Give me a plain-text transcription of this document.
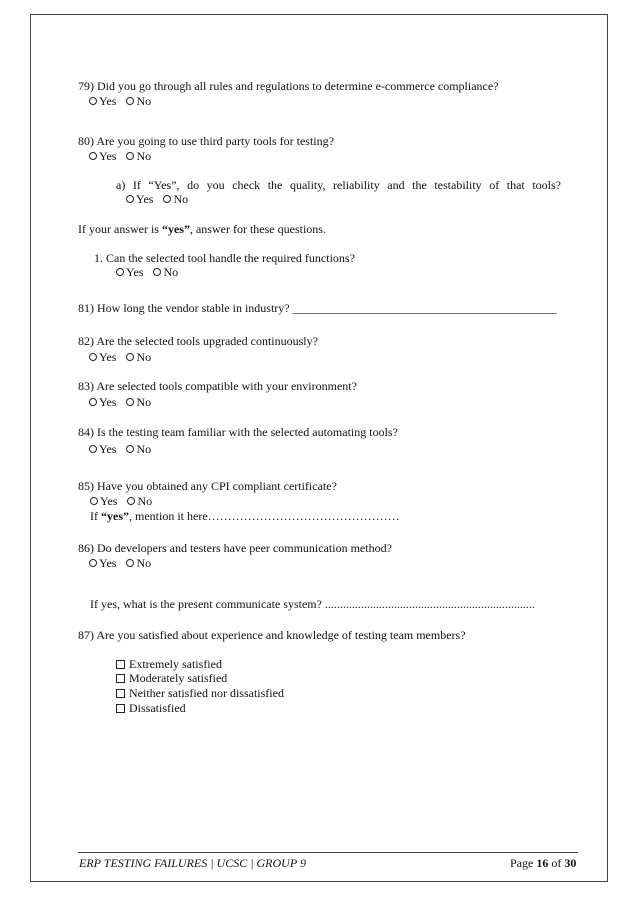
79) Did you go through all rules and regulations to determine e-commerce compliance?
Yes
No
80) Are you going to use third party tools for testing?
Yes
No
a) If “Yes”, do you check the quality, reliability and the testability of that tools?
Yes
No
If your answer is “yes”, answer for these questions.
1. Can the selected tool handle the required functions?
Yes
No
81) How long the vendor stable in industry? ____________________________________________
82) Are the selected tools upgraded continuously?
Yes
No
83) Are selected tools compatible with your environment?
Yes
No
84) Is the testing team familiar with the selected automating tools?
Yes
No
85) Have you obtained any CPI compliant certificate?
Yes
No
If “yes”, mention it here…………………………………………
86) Do developers and testers have peer communication method?
Yes
No
If yes, what is the present communicate system? ......................................................................
87) Are you satisfied about experience and knowledge of testing team members?
Extremely satisfied
Moderately satisfied
Neither satisfied nor dissatisfied
Dissatisfied
ERP TESTING FAILURES | UCSC | GROUP 9	Page 16 of 30
